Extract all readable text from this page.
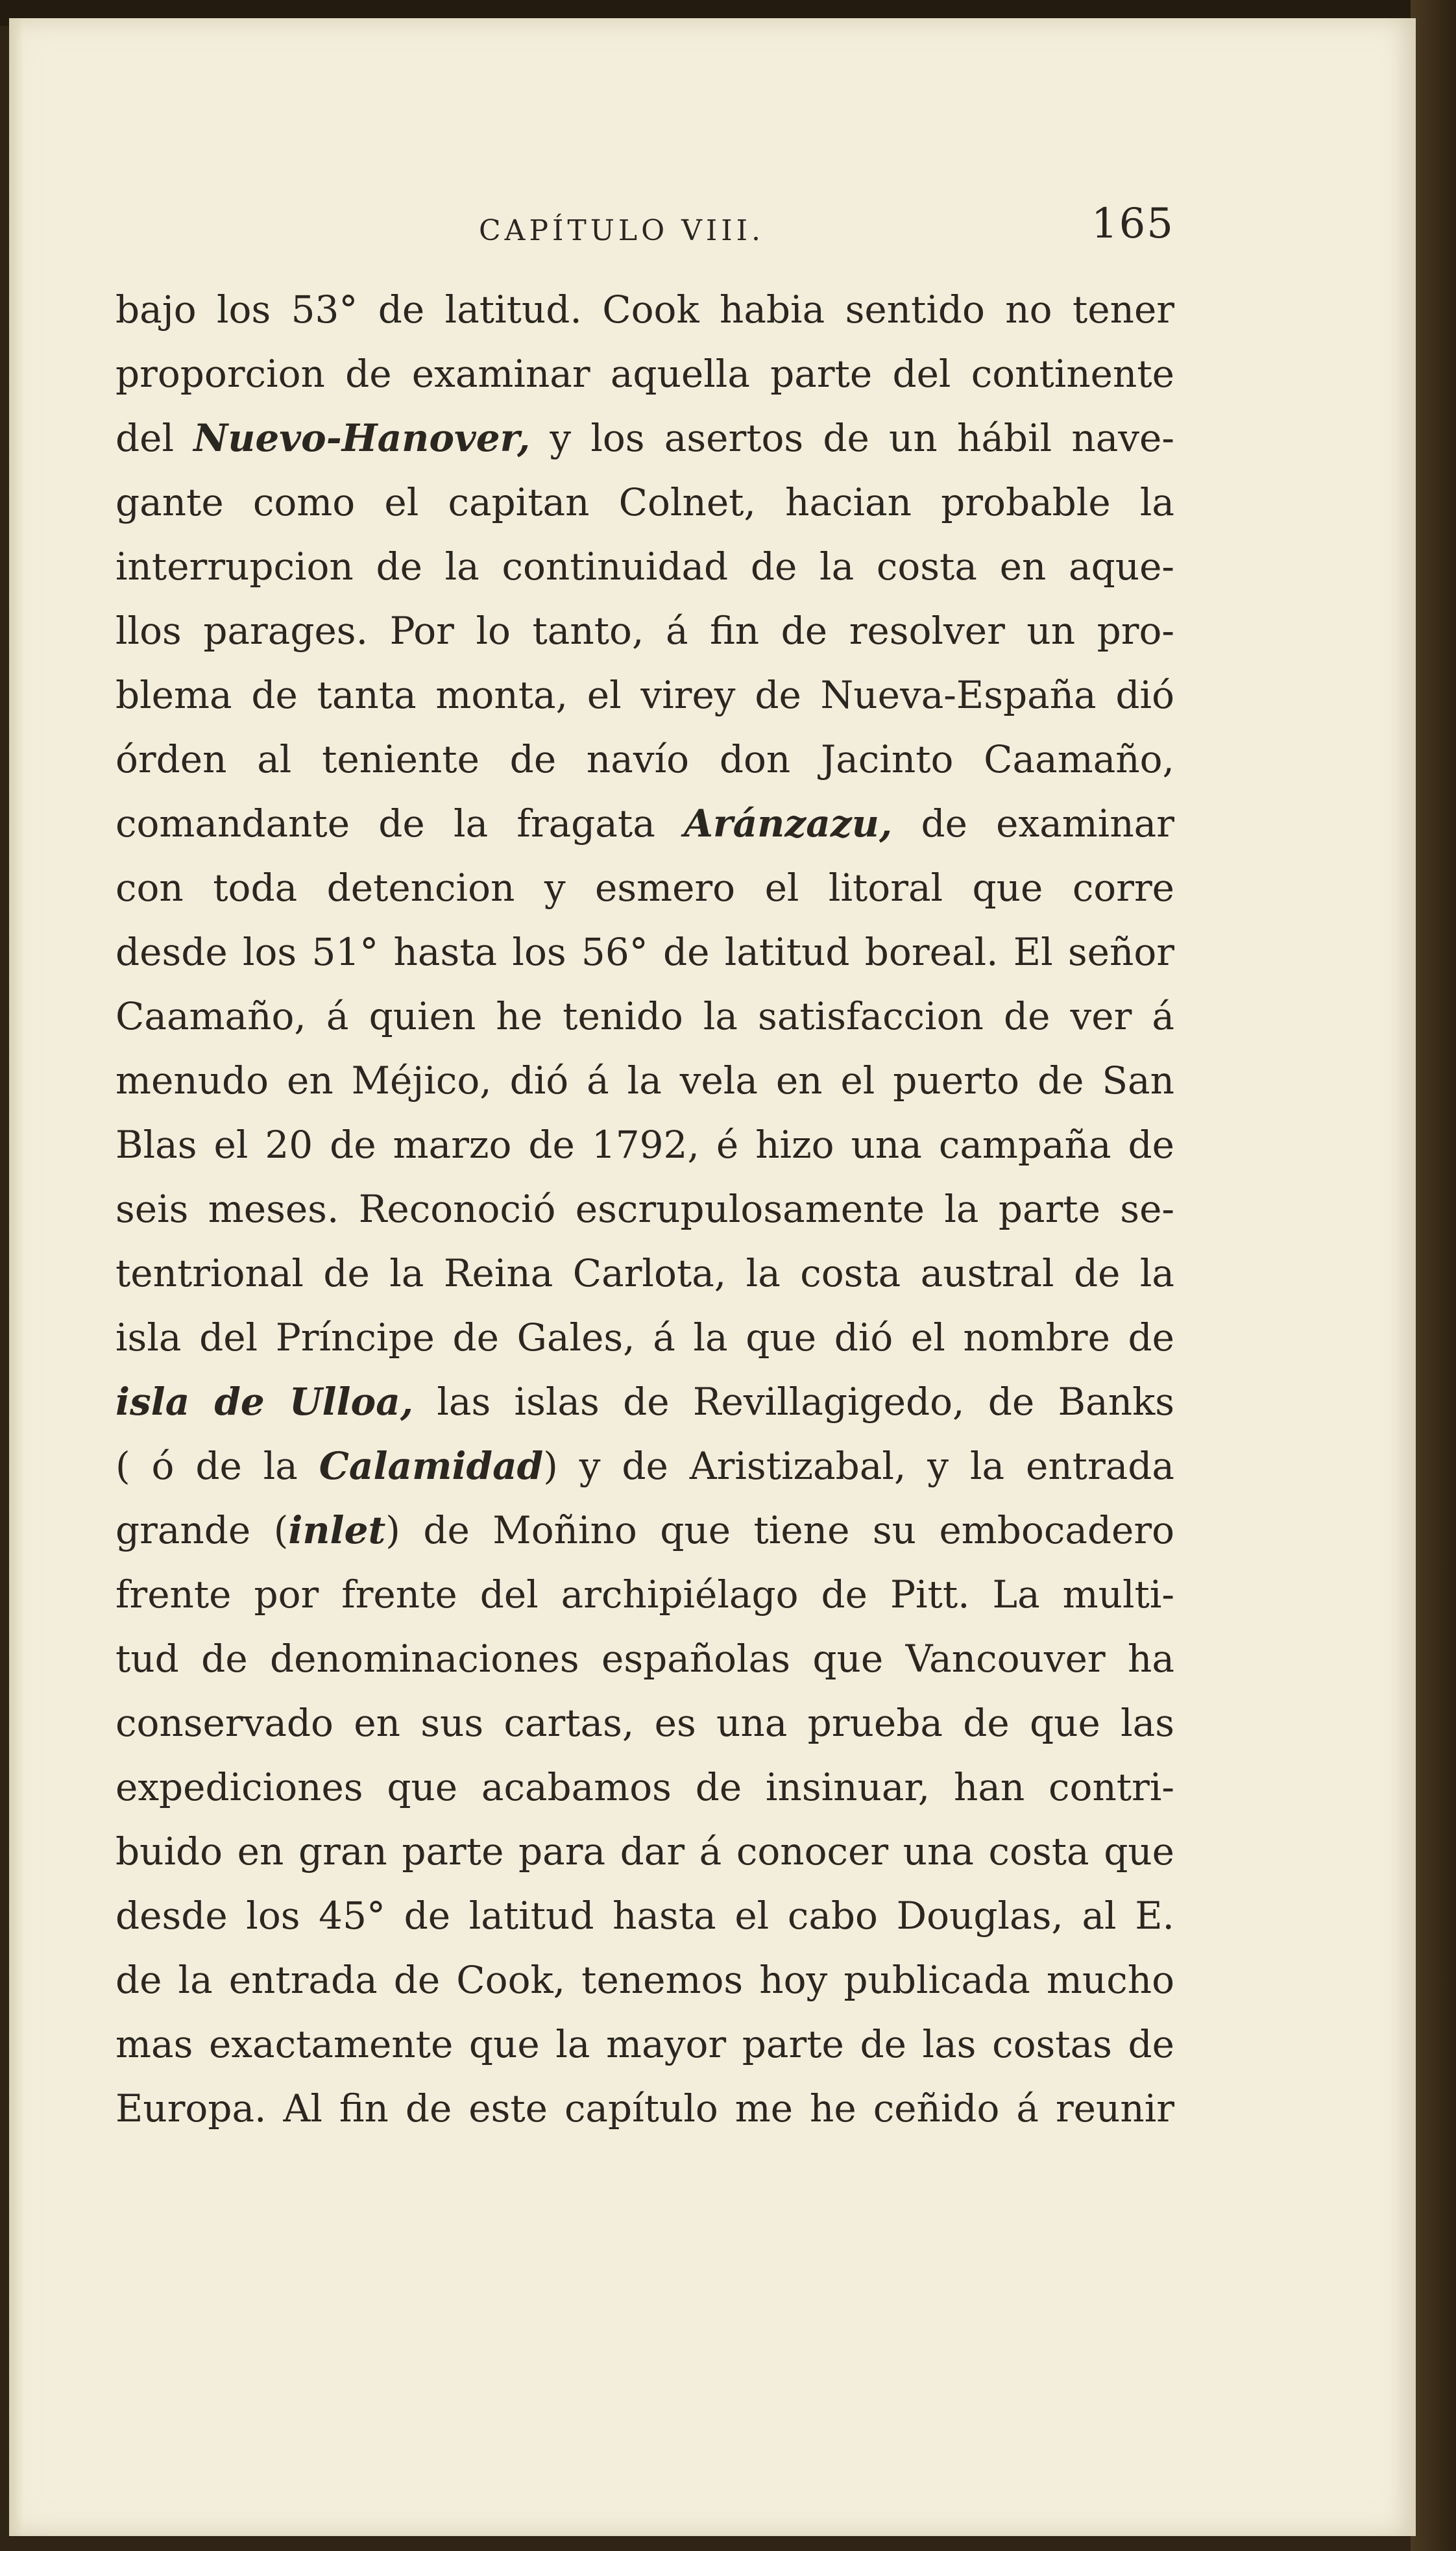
CAPÍTULO VIII.	165
bajo los 53° de latitud. Cook habia sentido no tener
proporcion de examinar aquella parte del continente
del Nuevo-Hanover, y los asertos de un hábil nave-
gante como el capitan Colnet, hacian probable la
interrupcion de la continuidad de la costa en aque-
llos parages. Por lo tanto, á fin de resolver un pro-
blema de tanta monta, el virey de Nueva-España dió
órden al teniente de navío don Jacinto Caamaño,
comandante de la fragata Aránzazu, de examinar
con toda detencion y esmero el litoral que corre
desde los 51° hasta los 56° de latitud boreal. El señor
Caamaño, á quien he tenido la satisfaccion de ver á
menudo en Méjico, dió á la vela en el puerto de San
Blas el 20 de marzo de 1792, é hizo una campaña de
seis meses. Reconoció escrupulosamente la parte se-
tentrional de la Reina Carlota, la costa austral de la
isla del Príncipe de Gales, á la que dió el nombre de
isla de Ulloa, las islas de Revillagigedo, de Banks
( ó de la Calamidad) y de Aristizabal, y la entrada
grande (inlet) de Moñino que tiene su embocadero
frente por frente del archipiélago de Pitt. La multi-
tud de denominaciones españolas que Vancouver ha
conservado en sus cartas, es una prueba de que las
expediciones que acabamos de insinuar, han contri-
buido en gran parte para dar á conocer una costa que
desde los 45° de latitud hasta el cabo Douglas, al E.
de la entrada de Cook, tenemos hoy publicada mucho
mas exactamente que la mayor parte de las costas de
Europa. Al fin de este capítulo me he ceñido á reunir
